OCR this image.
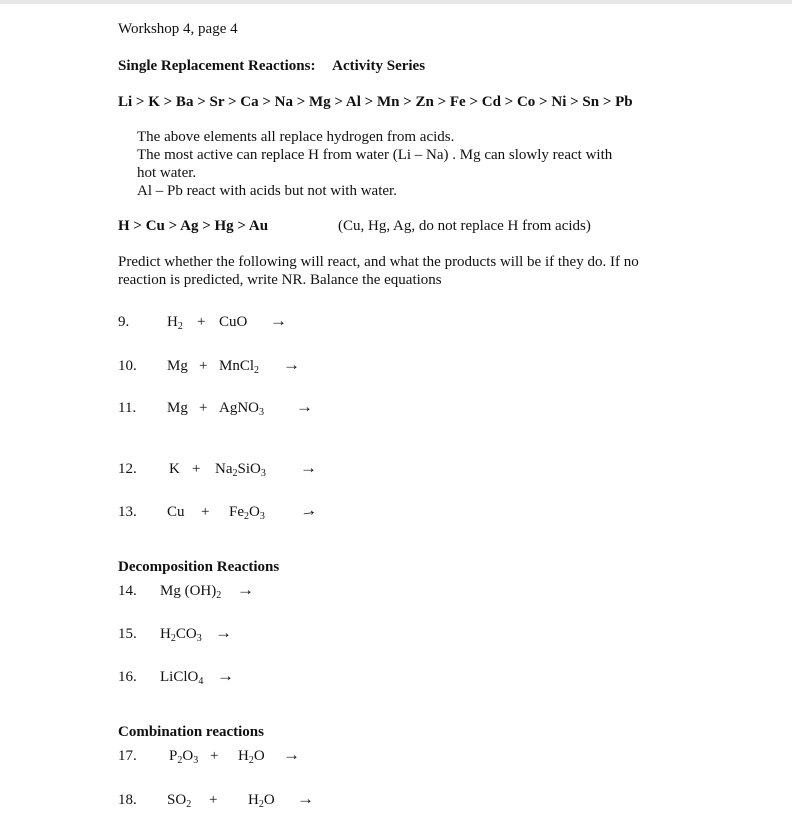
Workshop 4, page 4
Single Replacement Reactions: Activity Series
Li > K > Ba > Sr > Ca > Na > Mg > Al > Mn > Zn > Fe > Cd > Co > Ni > Sn > Pb
The above elements all replace hydrogen from acids.
The most active can replace H from water (Li – Na) . Mg can slowly react with
hot water.
Al – Pb react with acids but not with water.
H > Cu > Ag > Hg > Au	(Cu, Hg, Ag, do not replace H from acids)
Predict whether the following will react, and what the products will be if they do. If no
reaction is predicted, write NR. Balance the equations
9.	$H_2$ + CuO →
10. Mg + MnCl$_2$ →
11. Mg + AgNO$_3$ →
12. $K + Na_2SiO_3$ →
13. $Cu + Fe_2O_3$ →
Decomposition Reactions
14. Mg $(OH)_2$ →
15. $H_2CO_3$ →
16. LiClO$_4$ →
Combination reactions
17. $P_2O_3 + H_2O$ →
18. $SO_2 + H_2O$ →
